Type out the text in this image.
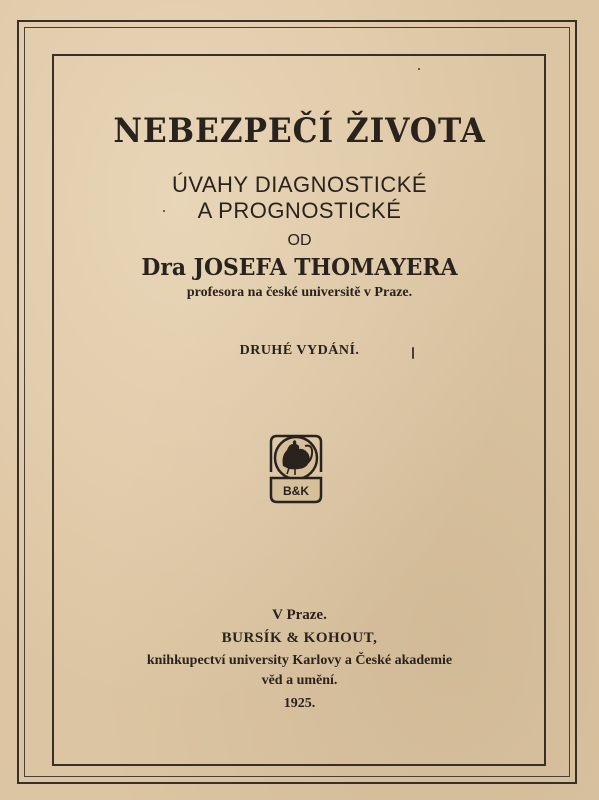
NEBEZPEČÍ ŽIVOTA
ÚVAHY DIAGNOSTICKÉ
A PROGNOSTICKÉ
OD
Dra JOSEFA THOMAYERA
profesora na české universitě v Praze.
DRUHÉ VYDÁNÍ.
B&K
V Praze.
BURSÍK & KOHOUT,
knihkupectví university Karlovy a České akademie
věd a umění.
1925.
